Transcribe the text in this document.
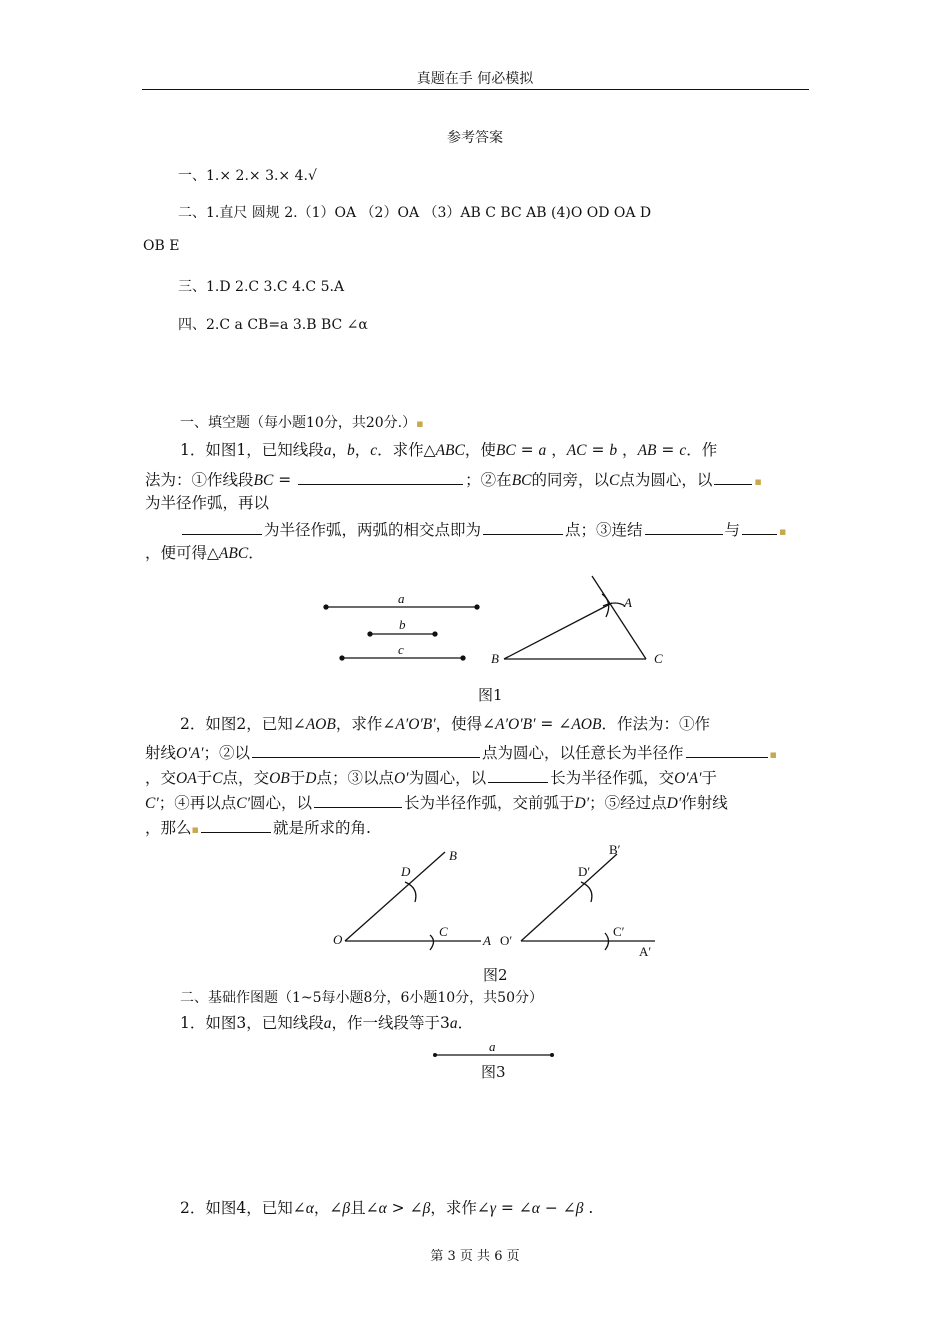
真题在手 何必模拟
参考答案
一、1.× 2.× 3.× 4.√
二、1.直尺 圆规 2.（1）OA （2）OA （3）AB C BC AB (4)O OD OA D
OB E
三、1.D 2.C 3.C 4.C 5.A
四、2.C a CB=a 3.B BC ∠α
一、填空题（每小题10分，共20分.）▪
1．如图1，已知线段a，b，c．求作△ABC，使BC = a ，AC = b ，AB = c．作
法为：①作线段BC =	；②在BC的同旁，以C点为圆心，以	▪
为半径作弧，再以
为半径作弧，两弧的相交点即为	点；③连结	与	▪
，便可得△ABC．
a
b
c
A
B	C
图1
2．如图2，已知∠AOB，求作∠A′O′B′，使得∠A′O′B′ = ∠AOB．作法为：①作
射线O′A′；②以	点为圆心，以任意长为半径作	▪
，交OA于C点，交OB于D点；③以点O′为圆心，以	长为半径作弧，交O′A′于
C′；④再以点C′圆心，以	长为半径作弧，交前弧于D′；⑤经过点D′作射线
，那么▪	就是所求的角.
O
D
B
C
A O′
D′
B′
C′
A′
图2
二、基础作图题（1~5每小题8分，6小题10分，共50分）
1．如图3，已知线段a，作一线段等于3a．
a
图3
2．如图4，已知∠α，∠β且∠α > ∠β，求作∠γ = ∠α − ∠β .
第 3 页 共 6 页
